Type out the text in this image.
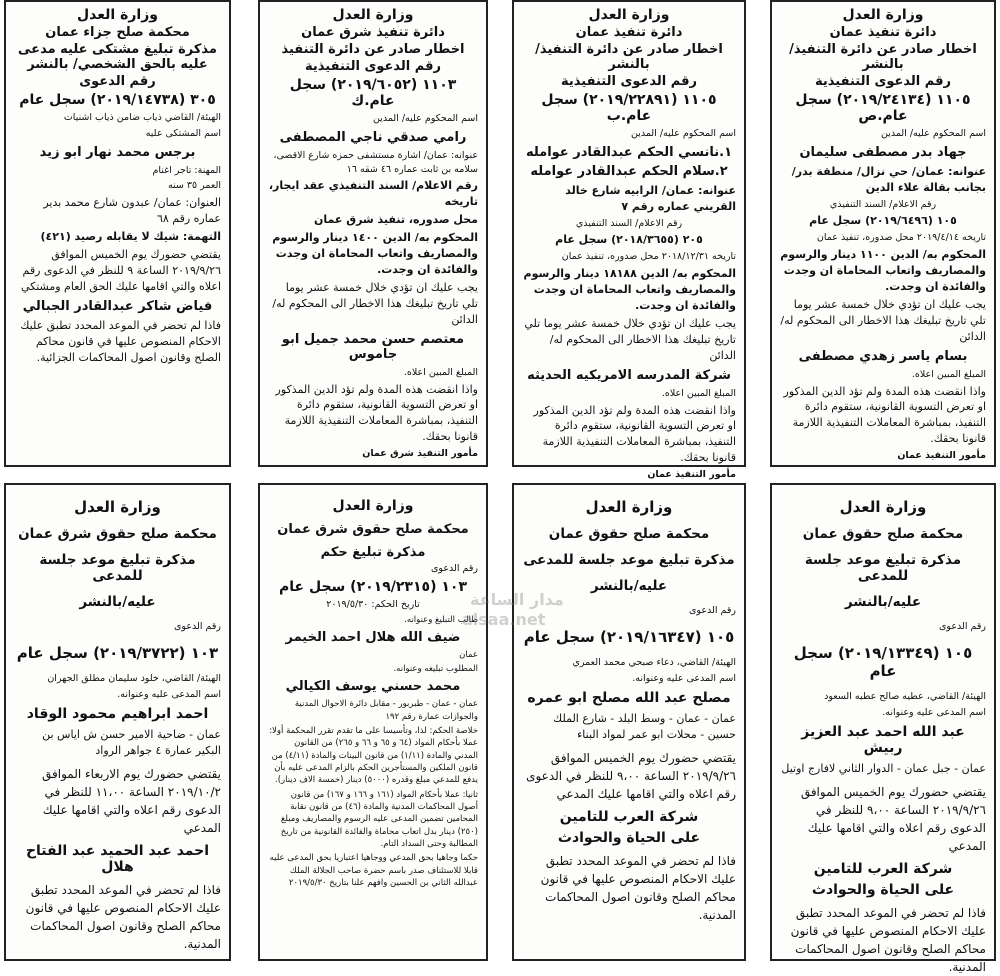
وزارة العدل
دائرة تنفيذ عمان
اخطار صادر عن دائرة التنفيذ/بالنشر
رقم الدعوى التنفيذية
١١٠٥ (٢٠١٩/٢٤١٣٤) سجل عام.ص
اسم المحكوم عليه/ المدين
جهاد بدر مصطفى سليمان
عنوانه: عمان/ حي نزال/ منطقة بدر/ بجانب بقالة علاء الدين
رقم الاعلام/ السند التنفيذي
١٠٥ (٢٠١٩/٦٤٩٦) سجل عام
تاريخه ٢٠١٩/٤/١٤ محل صدوره، تنفيذ عمان
المحكوم به/ الدين ١١٠٠ دينار والرسوم والمصاريف واتعاب المحاماة ان وجدت والفائدة ان وجدت.
يجب عليك ان تؤدي خلال خمسة عشر يوما تلي تاريخ تبليغك هذا الاخطار الى المحكوم له/ الدائن
بسام ياسر زهدي مصطفى
المبلغ المبين اعلاه.
واذا انقضت هذه المدة ولم تؤد الدين المذكور او تعرض التسوية القانونية، ستقوم دائرة التنفيذ، بمباشرة المعاملات التنفيذية اللازمة قانونا بحقك.
مأمور التنفيذ عمان
وزارة العدل
دائرة تنفيذ عمان
اخطار صادر عن دائرة التنفيذ/بالنشر
رقم الدعوى التنفيذية
١١٠٥ (٢٠١٩/٢٢٨٩١) سجل عام.ب
اسم المحكوم عليه/ المدين
١.نانسي الحكم عبدالقادر عوامله
٢.سلام الحكم عبدالقادر عوامله
عنوانه: عمان/ الرابيه شارع خالد القريني عماره رقم ٧
رقم الاعلام/ السند التنفيذي
٢٠٥ (٢٠١٨/٣٦٥٥) سجل عام
تاريخه ٢٠١٨/١٢/٣١ محل صدوره، تنفيذ عمان
المحكوم به/ الدين ١٨١٨٨ دينار والرسوم والمصاريف واتعاب المحاماة ان وجدت والفائدة ان وجدت.
يجب عليك ان تؤدي خلال خمسة عشر يوما تلي تاريخ تبليغك هذا الاخطار الى المحكوم له/ الدائن
شركة المدرسه الامريكيه الحديثه
المبلغ المبين اعلاه.
واذا انقضت هذه المدة ولم تؤد الدين المذكور او تعرض التسوية القانونية، ستقوم دائرة التنفيذ، بمباشرة المعاملات التنفيذية اللازمة قانونا بحقك.
مأمور التنفيذ عمان
وزارة العدل
دائرة تنفيذ شرق عمان
اخطار صادر عن دائرة التنفيذ
رقم الدعوى التنفيذية
١١٠٣ (٢٠١٩/٦٠٥٢) سجل عام.ك
اسم المحكوم عليه/ المدين
رامي صدقي ناجي المصطفى
عنوانه: عمان/ اشارة مستشفى حمزه شارع الاقصى، سلامه بن ثابت عماره ٤٦ شقه ١٦
رقم الاعلام/ السند التنفيذي عقد ايجار، تاريخه
محل صدوره، تنفيذ شرق عمان
المحكوم به/ الدين ١٤٠٠ دينار والرسوم والمصاريف واتعاب المحاماة ان وجدت والفائدة ان وجدت.
يجب عليك ان تؤدي خلال خمسة عشر يوما تلي تاريخ تبليغك هذا الاخطار الى المحكوم له/ الدائن
معتصم حسن محمد جميل ابو جاموس
المبلغ المبين اعلاه.
واذا انقضت هذه المدة ولم تؤد الدين المذكور او تعرض التسوية القانونية، ستقوم دائرة التنفيذ، بمباشرة المعاملات التنفيذية اللازمة قانونا بحقك.
مأمور التنفيذ شرق عمان
وزارة العدل
محكمة صلح جزاء عمان
مذكرة تبليغ مشتكى عليه مدعى عليه بالحق الشخصي/ بالنشر
رقم الدعوى
٣٠٥ (٢٠١٩/١٤٧٣٨) سجل عام
الهيئة/ القاضي ذياب ضامن ذياب اشنيات
اسم المشتكى عليه
برجس محمد نهار ابو زيد
المهنة: تاجر اغنام
العمر ٣٥ سنه
العنوان: عمان/ عبدون شارع محمد بدير عماره رقم ٦٨
التهمة: شيك لا يقابله رصيد (٤٢١)
يقتضي حضورك يوم الخميس الموافق ٢٠١٩/٩/٢٦ الساعة ٩ للنظر في الدعوى رقم اعلاه والتي اقامها عليك الحق العام ومشتكي
فياض شاكر عبدالقادر الجبالي
فاذا لم تحضر في الموعد المحدد تطبق عليك الاحكام المنصوص عليها في قانون محاكم الصلح وقانون اصول المحاكمات الجزائية.
وزارة العدل
محكمة صلح حقوق عمان
مذكرة تبليغ موعد جلسة للمدعى
عليه/بالنشر
رقم الدعوى
١٠٥ (٢٠١٩/١٣٣٤٩) سجل عام
الهيئة/ القاضي، عطيه صالح عطيه السعود
اسم المدعى عليه وعنوانه.
عبد الله احمد عبد العزيز ربيش
عمان - جبل عمان - الدوار الثاني لافارج اوتيل
يقتضي حضورك يوم الخميس الموافق ٢٠١٩/٩/٢٦ الساعة ٩،٠٠ للنظر في الدعوى رقم اعلاه والتي اقامها عليك المدعي
شركة العرب للتامين
على الحياة والحوادث
فاذا لم تحضر في الموعد المحدد تطبق عليك الاحكام المنصوص عليها في قانون محاكم الصلح وقانون اصول المحاكمات المدنية.
وزارة العدل
محكمة صلح حقوق عمان
مذكرة تبليغ موعد جلسة للمدعى
عليه/بالنشر
رقم الدعوى
١٠٥ (٢٠١٩/١٦٣٤٧) سجل عام
الهيئة/ القاضي، دعاء صبحي محمد العمري
اسم المدعى عليه وعنوانه.
مصلح عبد الله مصلح ابو عمره
عمان - عمان - وسط البلد - شارع الملك حسين - محلات ابو عمر لمواد البناء
يقتضي حضورك يوم الخميس الموافق ٢٠١٩/٩/٢٦ الساعة ٩،٠٠ للنظر في الدعوى رقم اعلاه والتي اقامها عليك المدعي
شركة العرب للتامين
على الحياة والحوادث
فاذا لم تحضر في الموعد المحدد تطبق عليك الاحكام المنصوص عليها في قانون محاكم الصلح وقانون اصول المحاكمات المدنية.
وزارة العدل
محكمة صلح حقوق شرق عمان
مذكرة تبليغ حكم
رقم الدعوى
١٠٣ (٢٠١٩/٢٣١٥) سجل عام
تاريخ الحكم: ٢٠١٩/٥/٣٠
طالب التبليغ وعنوانه.
ضيف الله هلال احمد الخيمر
عمان
المطلوب تبليغه وعنوانه.
محمد حسني يوسف الكيالي
عمان - عمان - طبربور - مقابل دائرة الاحوال المدنية والجوازات عمارة رقم ١٩٢
خلاصة الحكم: لذا، وتأسيسا على ما تقدم تقرر المحكمة أولا: عملا بأحكام المواد (٦٤ و ٦٥ و ٦٦ و ٢٦٥) من القانون المدني والمادة (١/١١) من قانون البينات والمادة (٤/١١) من قانون الملكين والمستأجرين الحكم بالزام المدعى عليه بأن يدفع للمدعي مبلغ وقدره (٥٠٠٠) دينار (خمسة الاف دينار).
ثانيا: عملا بأحكام المواد (١٦١ و ١٦٦ و ١٦٧) من قانون أصول المحاكمات المدنية والمادة (٤٦) من قانون نقابة المحامين تضمين المدعى عليه الرسوم والمصاريف ومبلغ (٢٥٠) دينار بدل اتعاب محاماة والفائدة القانونية من تاريخ المطالبة وحتى السداد التام.
حكما وجاهيا بحق المدعي ووجاهيا اعتباريا بحق المدعى عليه قابلا للاستئناف صدر باسم حضرة صاحب الجلالة الملك عبدالله الثاني بن الحسين وافهم علنا بتاريخ ٢٠١٩/٥/٣٠
وزارة العدل
محكمة صلح حقوق شرق عمان
مذكرة تبليغ موعد جلسة للمدعى
عليه/بالنشر
رقم الدعوى
١٠٣ (٢٠١٩/٣٧٢٢) سجل عام
الهيئة/ القاضي، خلود سليمان مطلق الجهران
اسم المدعى عليه وعنوانه.
احمد ابراهيم محمود الوقاد
عمان - ضاحية الامير حسن ش اياس بن البكير عمارة ٤ جواهر الرواد
يقتضي حضورك يوم الاربعاء الموافق ٢٠١٩/١٠/٢ الساعة ١١،٠٠ للنظر في الدعوى رقم اعلاه والتي اقامها عليك المدعي
احمد عبد الحميد عبد الفتاح هلال
فاذا لم تحضر في الموعد المحدد تطبق عليك الاحكام المنصوص عليها في قانون محاكم الصلح وقانون اصول المحاكمات المدنية.
مدار الساعة
alsaa.net
